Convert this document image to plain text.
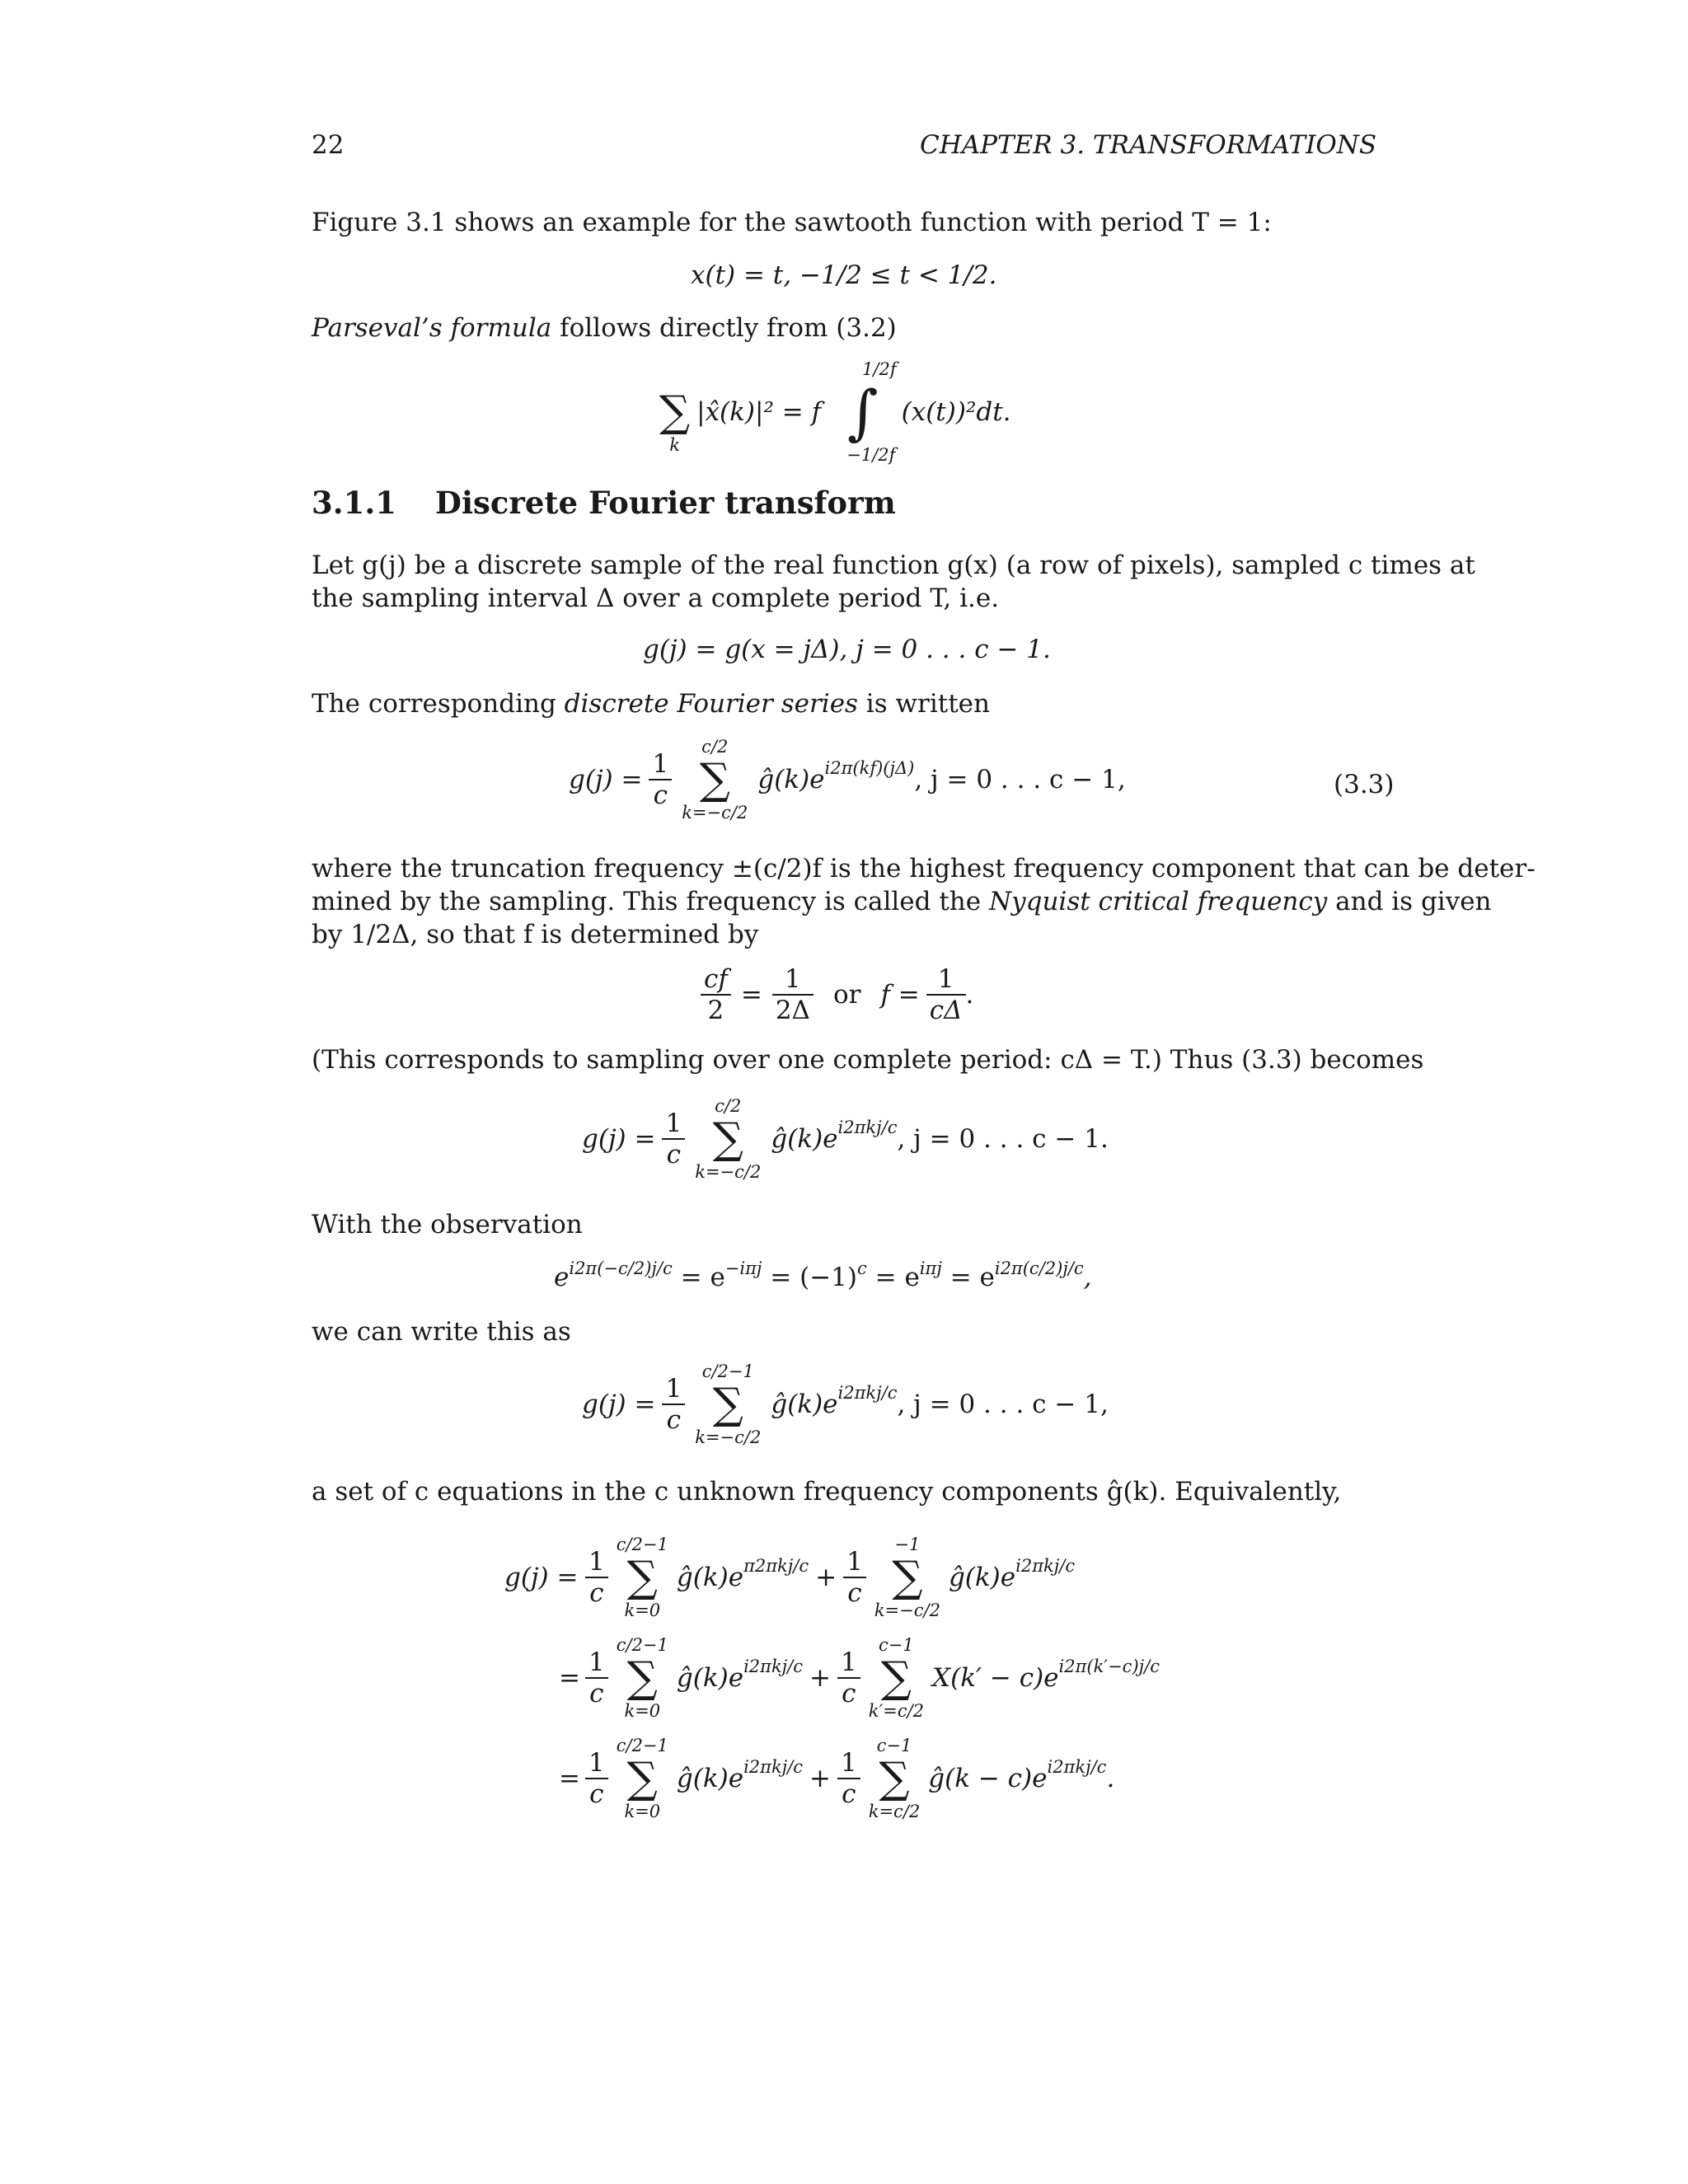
22	CHAPTER 3. TRANSFORMATIONS
Figure 3.1 shows an example for the sawtooth function with period T = 1:
x(t) = t, −1/2 ≤ t < 1/2.
Parseval’s formula follows directly from (3.2)

∑
k
|x̂(k)|² = f
1/2f
∫
−1/2f
(x(t))²dt.
3.1.1 Discrete Fourier transform
Let g(j) be a discrete sample of the real function g(x) (a row of pixels), sampled c times at
the sampling interval Δ over a complete period T, i.e.
g(j) = g(x = jΔ), j = 0 . . . c − 1.
The corresponding discrete Fourier series is written
$g(j) = \frac{1}{c}$
c/2
∑
k=−c/2
ĝ(k)e i2π(kf)(jΔ) , j = 0 . . . c − 1,	(3.3)
where the truncation frequency ±(c/2)f is the highest frequency component that can be deter-
mined by the sampling. This frequency is called the Nyquist critical frequency and is given
by 1/2Δ, so that f is determined by
$\frac{cf}{2} = \frac{1}{2\Delta}$ or $f = \frac{1}{c\Delta}$ .
(This corresponds to sampling over one complete period: cΔ = T.) Thus (3.3) becomes
$g(j) = \frac{1}{c}$
c/2
∑
k=−c/2
ĝ(k)e i2πkj/c , j = 0 . . . c − 1.
With the observation
$e^{i2\pi(-c/2)j/c} = e^{-i\pi j} = (-1)^c = e^{i\pi j} = e^{i2\pi(c/2)j/c}$,
we can write this as
$g(j) = \frac{1}{c}$
c/2−1
∑
k=−c/2
ĝ(k)e i2πkj/c , j = 0 . . . c − 1,
a set of c equations in the c unknown frequency components ĝ(k). Equivalently,
$g(j) = \frac{1}{c}$
c/2−1
∑
k=0
ĝ(k)e $\pi 2\pi kj/c + \frac{1}{c}$
−1
∑
k=−c/2
ĝ(k)e i2πkj/c
= $\frac{1}{c}$
c/2−1
∑
k=0
ĝ(k)e $i2\pi kj/c + \frac{1}{c}$
c−1
∑
k′=c/2
X(k′ − c)e i2π(k′−c)j/c
= $\frac{1}{c}$
c/2−1
∑
k=0
ĝ(k)e $i2\pi kj/c + \frac{1}{c}$
c−1
∑
k=c/2
ĝ(k − c)e i2πkj/c .
